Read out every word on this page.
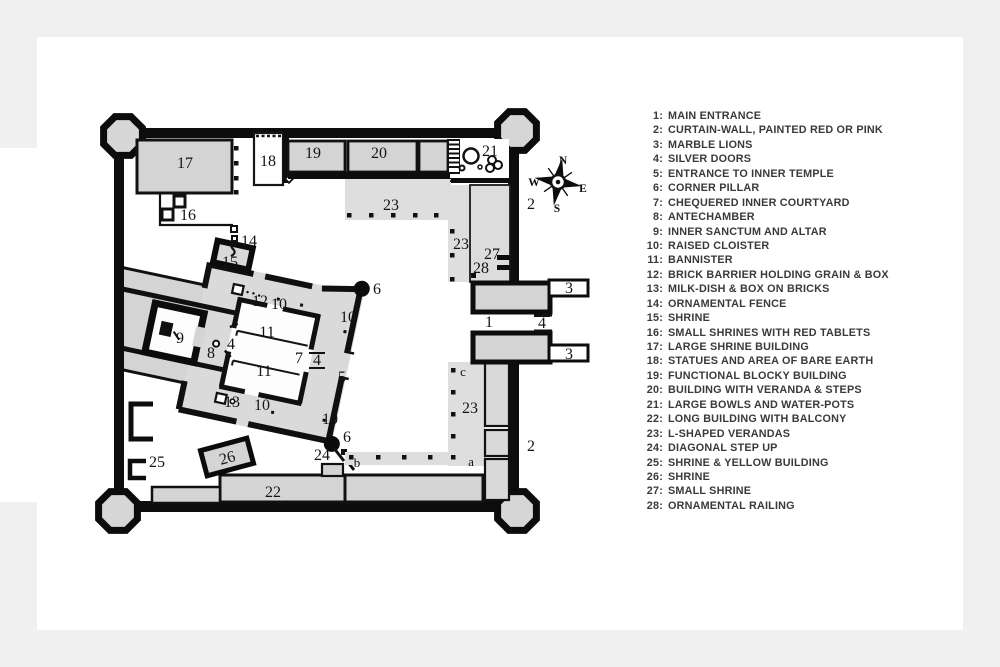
N
W	E
S
17
16
18 19	20	21
2
23
14
15
12 10
6
10
9
8
4
11
11
7 4
5
23
27
28
1	4
3
3
13 10
10
6
24 b	a
c
23
2
25
22
26
1: MAIN ENTRANCE
2: CURTAIN-WALL, PAINTED RED OR PINK
3: MARBLE LIONS
4: SILVER DOORS
5: ENTRANCE TO INNER TEMPLE
6: CORNER PILLAR
7: CHEQUERED INNER COURTYARD
8: ANTECHAMBER
9: INNER SANCTUM AND ALTAR
10: RAISED CLOISTER
11: BANNISTER
12: BRICK BARRIER HOLDING GRAIN & BOX
13: MILK-DISH & BOX ON BRICKS
14: ORNAMENTAL FENCE
15: SHRINE
16: SMALL SHRINES WITH RED TABLETS
17: LARGE SHRINE BUILDING
18: STATUES AND AREA OF BARE EARTH
19: FUNCTIONAL BLOCKY BUILDING
20: BUILDING WITH VERANDA & STEPS
21: LARGE BOWLS AND WATER-POTS
22: LONG BUILDING WITH BALCONY
23: L-SHAPED VERANDAS
24: DIAGONAL STEP UP
25: SHRINE & YELLOW BUILDING
26: SHRINE
27: SMALL SHRINE
28: ORNAMENTAL RAILING
